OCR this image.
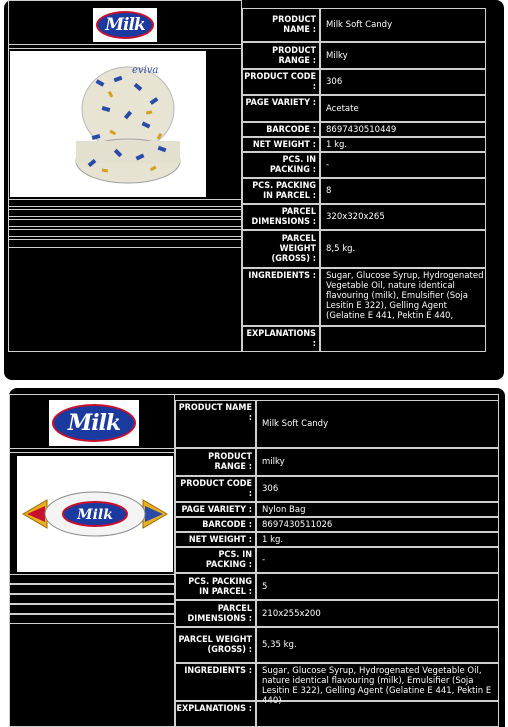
Milk
eviva
PRODUCT NAME :	Milk Soft Candy
PRODUCT RANGE :	Milky
PRODUCT CODE :	306
PAGE VARIETY :
Acetate
BARCODE :	8697430510449
NET WEIGHT :	1 kg.
PCS. IN PACKING :	-
PCS. PACKING IN PARCEL :	8
PARCEL DIMENSIONS :	320x320x265
PARCEL WEIGHT (GROSS) :
8,5 kg.
INGREDIENTS :	Sugar, Glucose Syrup, Hydrogenated Vegetable Oil, nature identical flavouring (milk), Emulsifier (Soja Lesitin E 322), Gelling Agent (Gelatine E 441, Pektin E 440,
EXPLANATIONS :
Milk
Milk
PRODUCT NAME :
Milk Soft Candy
PRODUCT RANGE :	milky
PRODUCT CODE :	306
PAGE VARIETY :	Nylon Bag
BARCODE :	8697430511026
NET WEIGHT :	1 kg.
PCS. IN PACKING :	-
PCS. PACKING IN PARCEL :	5
PARCEL DIMENSIONS :	210x255x200
PARCEL WEIGHT (GROSS) :	5,35 kg.
INGREDIENTS :	Sugar, Glucose Syrup, Hydrogenated Vegetable Oil, nature identical flavouring (milk), Emulsifier (Soja Lesitin E 322), Gelling Agent (Gelatine E 441, Pektin E 440)
EXPLANATIONS :
